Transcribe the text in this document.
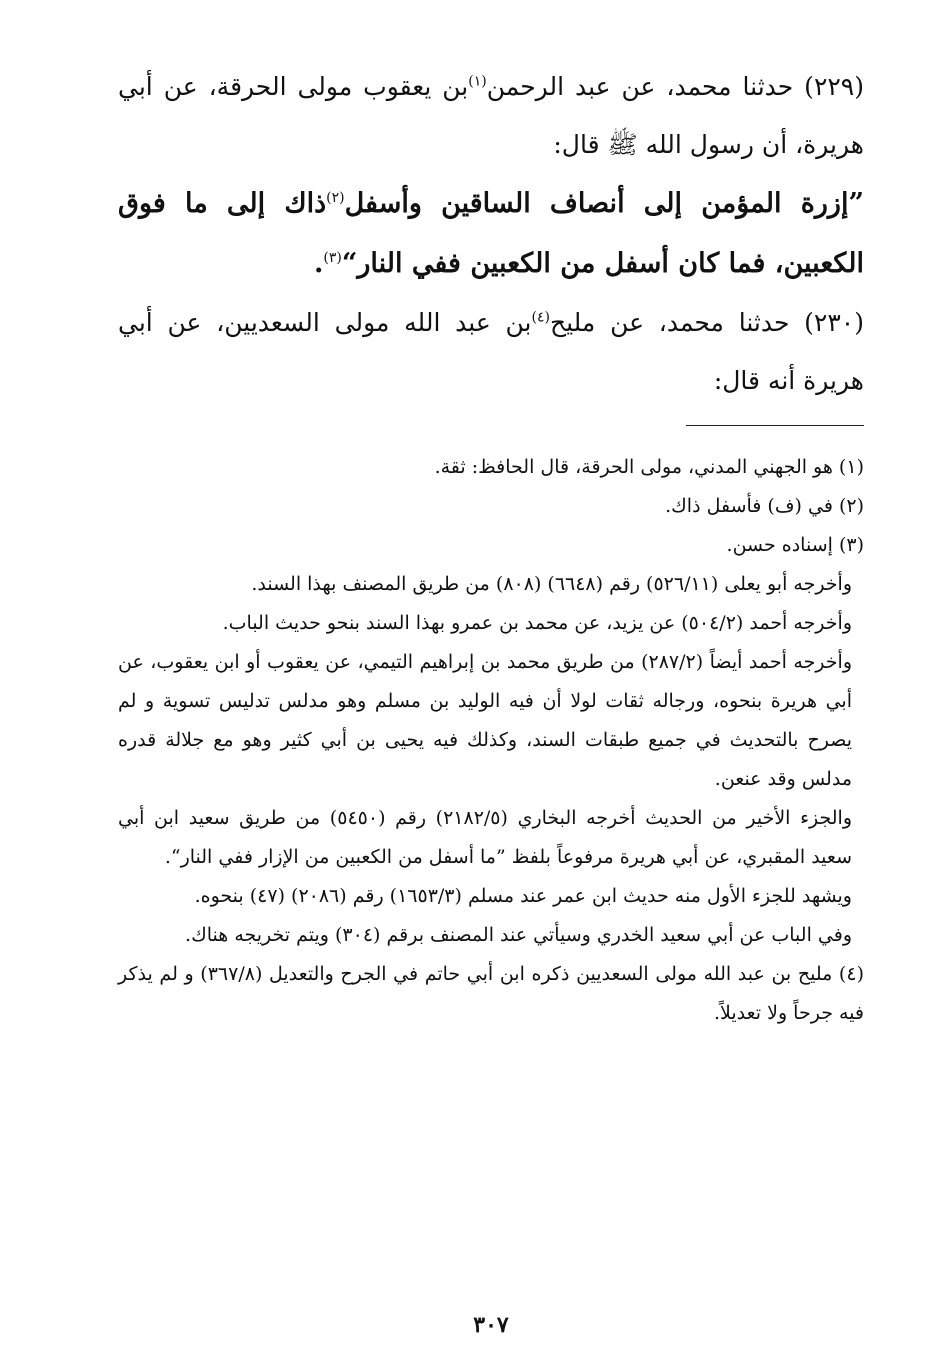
(٢٢٩) حدثنا محمد، عن عبد الرحمن$^{(١)}$بن يعقوب مولى الحرقة، عن أبي هريرة، أن رسول الله ﷺ قال:

”إزرة المؤمن إلى أنصاف الساقين وأسفل$^{(٢)}$ذاك إلى ما فوق الكعبين، فما كان أسفل من الكعبين ففي النار“$^{(٣)}$.

(٢٣٠) حدثنا محمد، عن مليح$^{(٤)}$بن عبد الله مولى السعديين، عن أبي هريرة أنه قال:

(١) هو الجهني المدني، مولى الحرقة، قال الحافظ: ثقة.

(٢) في (ف) فأسفل ذاك.

(٣) إسناده حسن.

وأخرجه أبو يعلى (٥٢٦/١١) رقم (٦٦٤٨) (٨٠٨) من طريق المصنف بهذا السند.

وأخرجه أحمد (٥٠٤/٢) عن يزيد، عن محمد بن عمرو بهذا السند بنحو حديث الباب.

وأخرجه أحمد أيضاً (٢٨٧/٢) من طريق محمد بن إبراهيم التيمي، عن يعقوب أو ابن يعقوب، عن أبي هريرة بنحوه، ورجاله ثقات لولا أن فيه الوليد بن مسلم وهو مدلس تدليس تسوية و لم يصرح بالتحديث في جميع طبقات السند، وكذلك فيه يحيى بن أبي كثير وهو مع جلالة قدره مدلس وقد عنعن.

والجزء الأخير من الحديث أخرجه البخاري (٢١٨٢/٥) رقم (٥٤٥٠) من طريق سعيد ابن أبي سعيد المقبري، عن أبي هريرة مرفوعاً بلفظ ”ما أسفل من الكعبين من الإزار ففي النار“.

ويشهد للجزء الأول منه حديث ابن عمر عند مسلم (١٦٥٣/٣) رقم (٢٠٨٦) (٤٧) بنحوه.

وفي الباب عن أبي سعيد الخدري وسيأتي عند المصنف برقم (٣٠٤) ويتم تخريجه هناك.

(٤) مليح بن عبد الله مولى السعديين ذكره ابن أبي حاتم في الجرح والتعديل (٣٦٧/٨) و لم يذكر فيه جرحاً ولا تعديلاً.

٣٠٧
